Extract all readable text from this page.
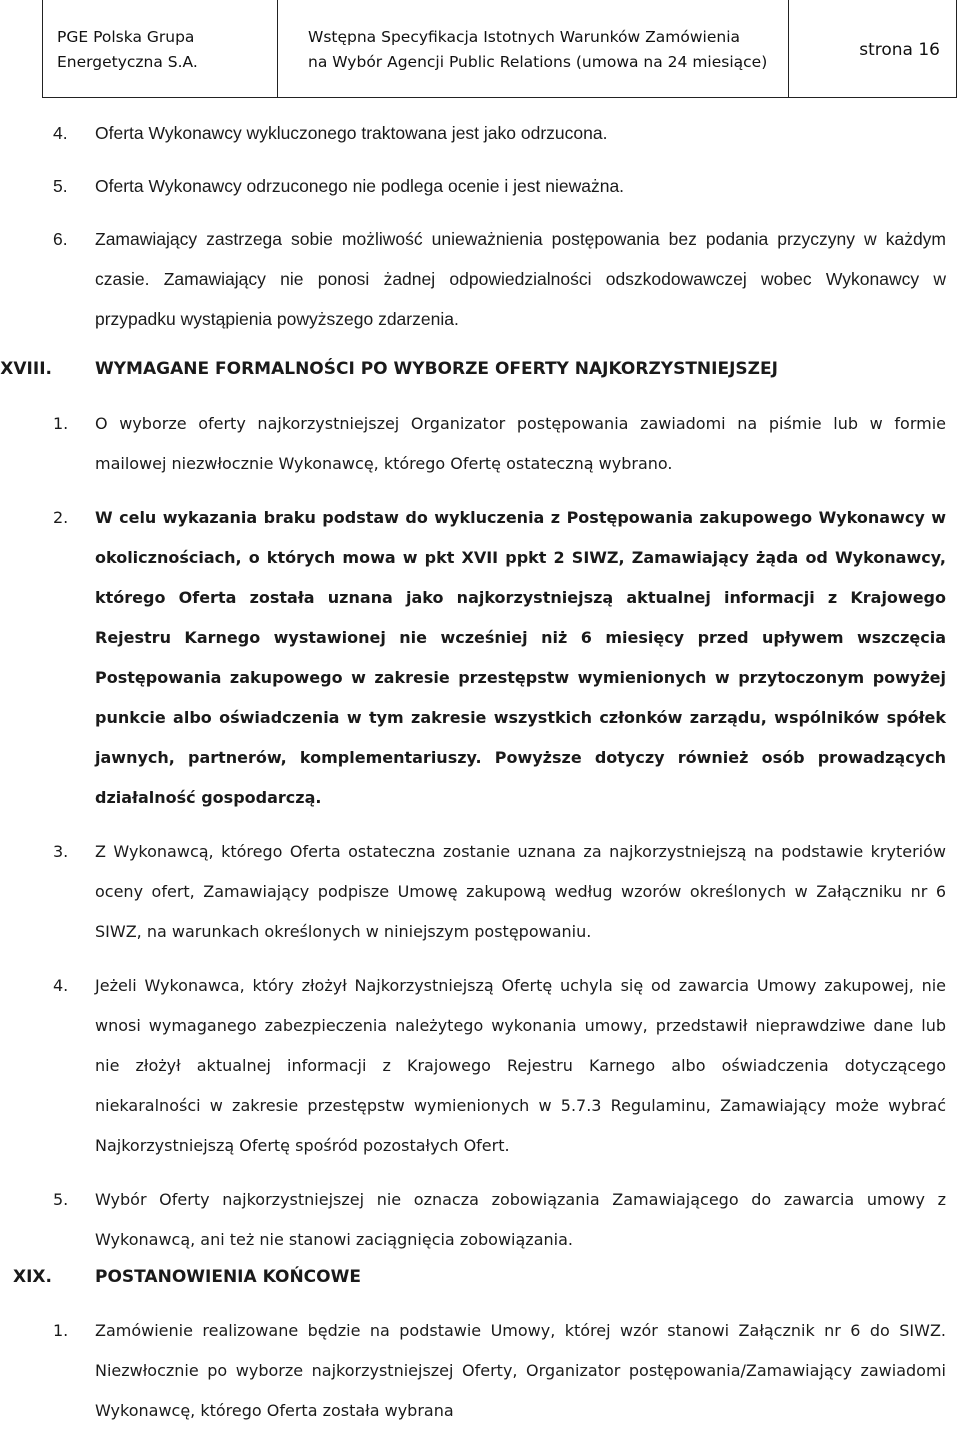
PGE Polska Grupa
Energetyczna S.A.
Wstępna Specyfikacja Istotnych Warunków Zamówienia
na Wybór Agencji Public Relations (umowa na 24 miesiące)
strona 16
4. Oferta Wykonawcy wykluczonego traktowana jest jako odrzucona.
5. Oferta Wykonawcy odrzuconego nie podlega ocenie i jest nieważna.
6. Zamawiający zastrzega sobie możliwość unieważnienia postępowania bez podania przyczyny w każdym czasie. Zamawiający nie ponosi żadnej odpowiedzialności odszkodowawczej wobec Wykonawcy w przypadku wystąpienia powyższego zdarzenia.
XVIII.	WYMAGANE FORMALNOŚCI PO WYBORZE OFERTY NAJKORZYSTNIEJSZEJ
1. O wyborze oferty najkorzystniejszej Organizator postępowania zawiadomi na piśmie lub w formie mailowej niezwłocznie Wykonawcę, którego Ofertę ostateczną wybrano.
2. W celu wykazania braku podstaw do wykluczenia z Postępowania zakupowego Wykonawcy w okolicznościach, o których mowa w pkt XVII ppkt 2 SIWZ, Zamawiający żąda od Wykonawcy, którego Oferta została uznana jako najkorzystniejszą aktualnej informacji z Krajowego Rejestru Karnego wystawionej nie wcześniej niż 6 miesięcy przed upływem wszczęcia Postępowania zakupowego w zakresie przestępstw wymienionych w przytoczonym powyżej punkcie albo oświadczenia w tym zakresie wszystkich członków zarządu, wspólników spółek jawnych, partnerów, komplementariuszy. Powyższe dotyczy również osób prowadzących działalność gospodarczą.
3. Z Wykonawcą, którego Oferta ostateczna zostanie uznana za najkorzystniejszą na podstawie kryteriów oceny ofert, Zamawiający podpisze Umowę zakupową według wzorów określonych w Załączniku nr 6 SIWZ, na warunkach określonych w niniejszym postępowaniu.
4. Jeżeli Wykonawca, który złożył Najkorzystniejszą Ofertę uchyla się od zawarcia Umowy zakupowej, nie wnosi wymaganego zabezpieczenia należytego wykonania umowy, przedstawił nieprawdziwe dane lub nie złożył aktualnej informacji z Krajowego Rejestru Karnego albo oświadczenia dotyczącego niekaralności w zakresie przestępstw wymienionych w 5.7.3 Regulaminu, Zamawiający może wybrać Najkorzystniejszą Ofertę spośród pozostałych Ofert.
5. Wybór Oferty najkorzystniejszej nie oznacza zobowiązania Zamawiającego do zawarcia umowy z Wykonawcą, ani też nie stanowi zaciągnięcia zobowiązania.
XIX.	POSTANOWIENIA KOŃCOWE
1. Zamówienie realizowane będzie na podstawie Umowy, której wzór stanowi Załącznik nr 6 do SIWZ. Niezwłocznie po wyborze najkorzystniejszej Oferty, Organizator postępowania/Zamawiający zawiadomi Wykonawcę, którego Oferta została wybrana
